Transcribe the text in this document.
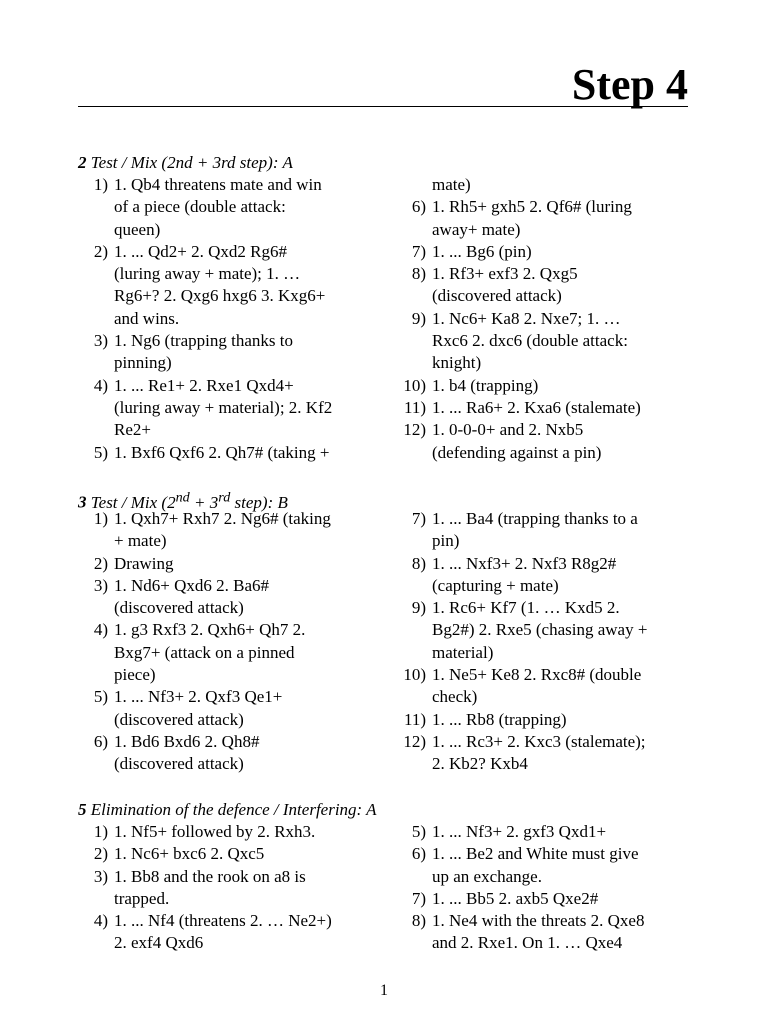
Step 4
2 Test / Mix (2nd + 3rd step): A
1) 1. Qb4 threatens mate and win
of a piece (double attack:
queen)
2) 1. ... Qd2+ 2. Qxd2 Rg6#
(luring away + mate); 1. …
Rg6+? 2. Qxg6 hxg6 3. Kxg6+
and wins.
3) 1. Ng6 (trapping thanks to
pinning)
4) 1. ... Re1+ 2. Rxe1 Qxd4+
(luring away + material); 2. Kf2
Re2+
5) 1. Bxf6 Qxf6 2. Qh7# (taking +
mate)
6) 1. Rh5+ gxh5 2. Qf6# (luring
away+ mate)
7) 1. ... Bg6 (pin)
8) 1. Rf3+ exf3 2. Qxg5
(discovered attack)
9) 1. Nc6+ Ka8 2. Nxe7; 1. …
Rxc6 2. dxc6 (double attack:
knight)
10) 1. b4 (trapping)
11) 1. ... Ra6+ 2. Kxa6 (stalemate)
12) 1. 0-0-0+ and 2. Nxb5
(defending against a pin)
3 Test / Mix (2nd + 3rd step): B
1) 1. Qxh7+ Rxh7 2. Ng6# (taking
+ mate)
2) Drawing
3) 1. Nd6+ Qxd6 2. Ba6#
(discovered attack)
4) 1. g3 Rxf3 2. Qxh6+ Qh7 2.
Bxg7+ (attack on a pinned
piece)
5) 1. ... Nf3+ 2. Qxf3 Qe1+
(discovered attack)
6) 1. Bd6 Bxd6 2. Qh8#
(discovered attack)
7) 1. ... Ba4 (trapping thanks to a
pin)
8) 1. ... Nxf3+ 2. Nxf3 R8g2#
(capturing + mate)
9) 1. Rc6+ Kf7 (1. … Kxd5 2.
Bg2#) 2. Rxe5 (chasing away +
material)
10) 1. Ne5+ Ke8 2. Rxc8# (double
check)
11) 1. ... Rb8 (trapping)
12) 1. ... Rc3+ 2. Kxc3 (stalemate);
2. Kb2? Kxb4
5 Elimination of the defence / Interfering: A
1) 1. Nf5+ followed by 2. Rxh3.
2) 1. Nc6+ bxc6 2. Qxc5
3) 1. Bb8 and the rook on a8 is
trapped.
4) 1. ... Nf4 (threatens 2. … Ne2+)
2. exf4 Qxd6
5) 1. ... Nf3+ 2. gxf3 Qxd1+
6) 1. ... Be2 and White must give
up an exchange.
7) 1. ... Bb5 2. axb5 Qxe2#
8) 1. Ne4 with the threats 2. Qxe8
and 2. Rxe1. On 1. … Qxe4
1
